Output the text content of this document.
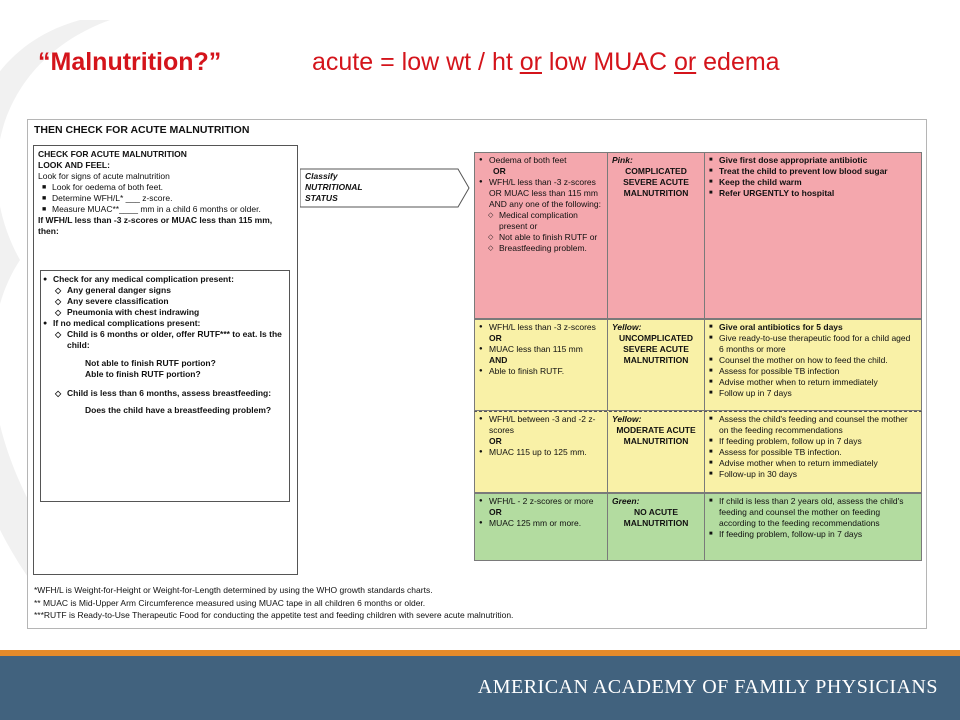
“Malnutrition?”	acute = low wt / ht or low MUAC or edema
THEN CHECK FOR ACUTE MALNUTRITION
CHECK FOR ACUTE MALNUTRITION
LOOK AND FEEL:
Look for signs of acute malnutrition
■ Look for oedema of both feet.
■ Determine WFH/L* ___ z-score.
■ Measure MUAC**____ mm in a child 6 months or older.
If WFH/L less than -3 z-scores or MUAC less than 115 mm, then:
● Check for any medical complication present:
◇ Any general danger signs
◇ Any severe classification
◇ Pneumonia with chest indrawing
● If no medical complications present:
◇ Child is 6 months or older, offer RUTF*** to eat. Is the child:
Not able to finish RUTF portion?
Able to finish RUTF portion?
◇ Child is less than 6 months, assess breastfeeding:
Does the child have a breastfeeding problem?
Classify NUTRITIONAL STATUS
● Oedema of both feet
OR
● WFH/L less than -3 z-scores OR MUAC less than 115 mm AND any one of the following:
◇ Medical complication present or
◇ Not able to finish RUTF or
◇ Breastfeeding problem.
Pink:
COMPLICATED SEVERE ACUTE MALNUTRITION
■ Give first dose appropriate antibiotic
■ Treat the child to prevent low blood sugar
■ Keep the child warm
■ Refer URGENTLY to hospital
● WFH/L less than -3 z-scores
OR
● MUAC less than 115 mm
AND
● Able to finish RUTF.
Yellow:
UNCOMPLICATED SEVERE ACUTE MALNUTRITION
■ Give oral antibiotics for 5 days
■ Give ready-to-use therapeutic food for a child aged 6 months or more
■ Counsel the mother on how to feed the child.
■ Assess for possible TB infection
■ Advise mother when to return immediately
■ Follow up in 7 days
● WFH/L between -3 and -2 z-scores
OR
● MUAC 115 up to 125 mm.
Yellow:
MODERATE ACUTE MALNUTRITION
■ Assess the child's feeding and counsel the mother on the feeding recommendations
■ If feeding problem, follow up in 7 days
■ Assess for possible TB infection.
■ Advise mother when to return immediately
■ Follow-up in 30 days
● WFH/L - 2 z-scores or more
OR
● MUAC 125 mm or more.
Green:
NO ACUTE MALNUTRITION
■ If child is less than 2 years old, assess the child's feeding and counsel the mother on feeding according to the feeding recommendations
■ If feeding problem, follow-up in 7 days
*WFH/L is Weight-for-Height or Weight-for-Length determined by using the WHO growth standards charts.
** MUAC is Mid-Upper Arm Circumference measured using MUAC tape in all children 6 months or older.
***RUTF is Ready-to-Use Therapeutic Food for conducting the appetite test and feeding children with severe acute malnutrition.
AMERICAN ACADEMY OF FAMILY PHYSICIANS
